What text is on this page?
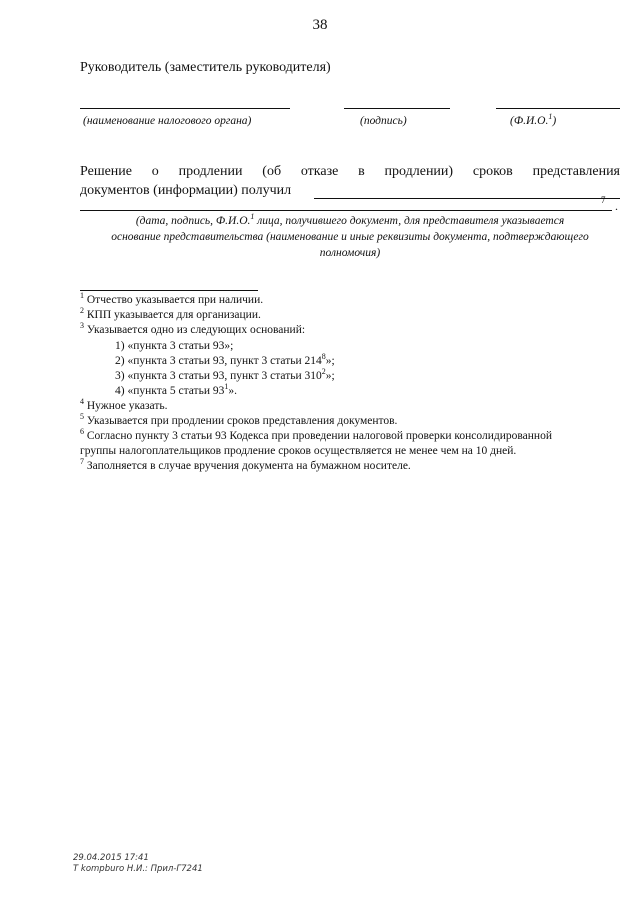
38
Руководитель (заместитель руководителя)
(наименование налогового органа)	(подпись)	(Ф.И.О.$^1$)
Решение о продлении (об отказе в продлении) сроков представления
документов (информации) получил
7 .
(дата, подпись, Ф.И.О.$^1$ лица, получившего документ, для представителя указывается
основание представительства (наименование и иные реквизиты документа, подтверждающего
полномочия)
$^1$ Отчество указывается при наличии.
$^2$ КПП указывается для организации.
$^3$ Указывается одно из следующих оснований:
1) «пункта 3 статьи 93»;
2) «пункта 3 статьи 93, пункт 3 статьи $214^8$»;
3) «пункта 3 статьи 93, пункт 3 статьи $310^2$»;
4) «пункта 5 статьи $93^1$».
$^4$ Нужное указать.
$^5$ Указывается при продлении сроков представления документов.
$^6$ Согласно пункту 3 статьи 93 Кодекса при проведении налоговой проверки консолидированной
группы налогоплательщиков продление сроков осуществляется не менее чем на 10 дней.
$^7$ Заполняется в случае вручения документа на бумажном носителе.
29.04.2015 17:41
Т kompburo Н.И.: Прил-Г7241
